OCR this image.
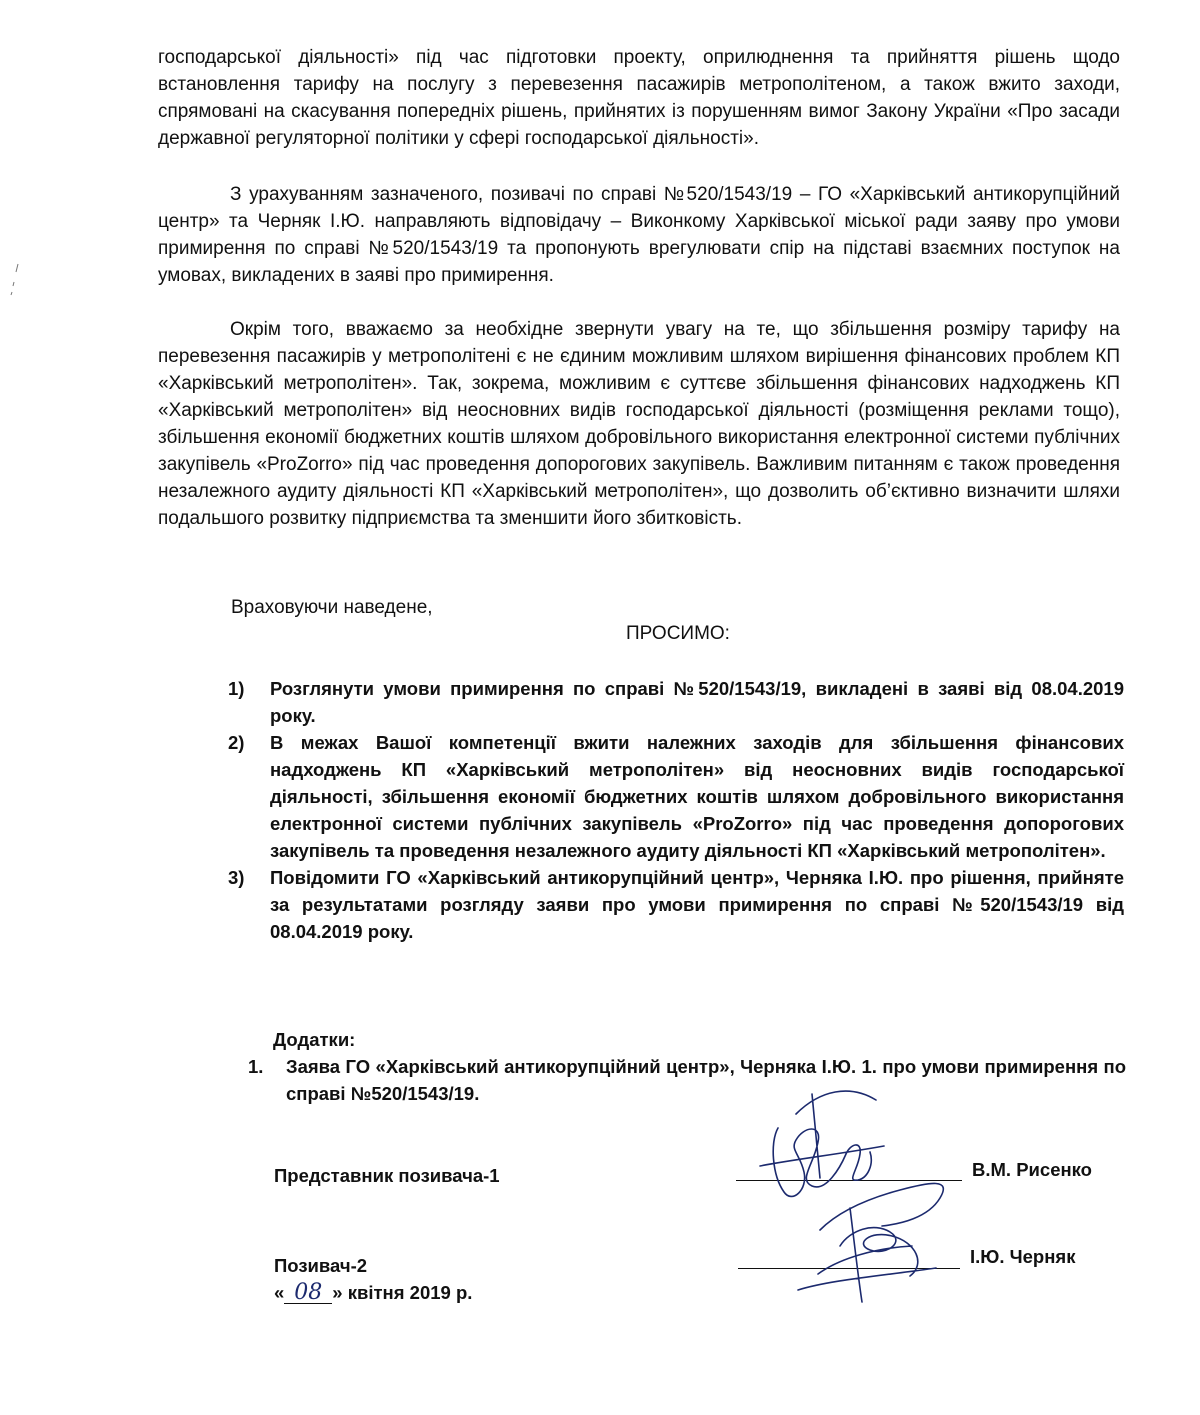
господарської діяльності» під час підготовки проекту, оприлюднення та прийняття рішень щодо встановлення тарифу на послугу з перевезення пасажирів метрополітеном, а також вжито заходи, спрямовані на скасування попередніх рішень, прийнятих із порушенням вимог Закону України «Про засади державної регуляторної політики у сфері господарської діяльності».

З урахуванням зазначеного, позивачі по справі №520/1543/19 – ГО «Харківський антикорупційний центр» та Черняк І.Ю. направляють відповідачу – Виконкому Харківської міської ради заяву про умови примирення по справі №520/1543/19 та пропонують врегулювати спір на підставі взаємних поступок на умовах, викладених в заяві про примирення.

Окрім того, вважаємо за необхідне звернути увагу на те, що збільшення розміру тарифу на перевезення пасажирів у метрополітені є не єдиним можливим шляхом вирішення фінансових проблем КП «Харківський метрополітен». Так, зокрема, можливим є суттєве збільшення фінансових надходжень КП «Харківський метрополітен» від неосновних видів господарської діяльності (розміщення реклами тощо), збільшення економії бюджетних коштів шляхом добровільного використання електронної системи публічних закупівель «ProZorro» під час проведення допорогових закупівель. Важливим питанням є також проведення незалежного аудиту діяльності КП «Харківський метрополітен», що дозволить об’єктивно визначити шляхи подальшого розвитку підприємства та зменшити його збитковість.

Враховуючи наведене,

ПРОСИМО:

1) Розглянути умови примирення по справі №520/1543/19, викладені в заяві від 08.04.2019 року.
2) В межах Вашої компетенції вжити належних заходів для збільшення фінансових надходжень КП «Харківський метрополітен» від неосновних видів господарської діяльності, збільшення економії бюджетних коштів шляхом добровільного використання електронної системи публічних закупівель «ProZorro» під час проведення допорогових закупівель та проведення незалежного аудиту діяльності КП «Харківський метрополітен».
3) Повідомити ГО «Харківський антикорупційний центр», Черняка І.Ю. про рішення, прийняте за результатами розгляду заяви про умови примирення по справі №520/1543/19 від 08.04.2019 року.

Додатки:

1. Заява ГО «Харківський антикорупційний центр», Черняка І.Ю. 1. про умови примирення по справі №520/1543/19.

Представник позивача-1	В.М. Рисенко

Позивач-2	І.Ю. Черняк

« 08 » квітня 2019 р.
